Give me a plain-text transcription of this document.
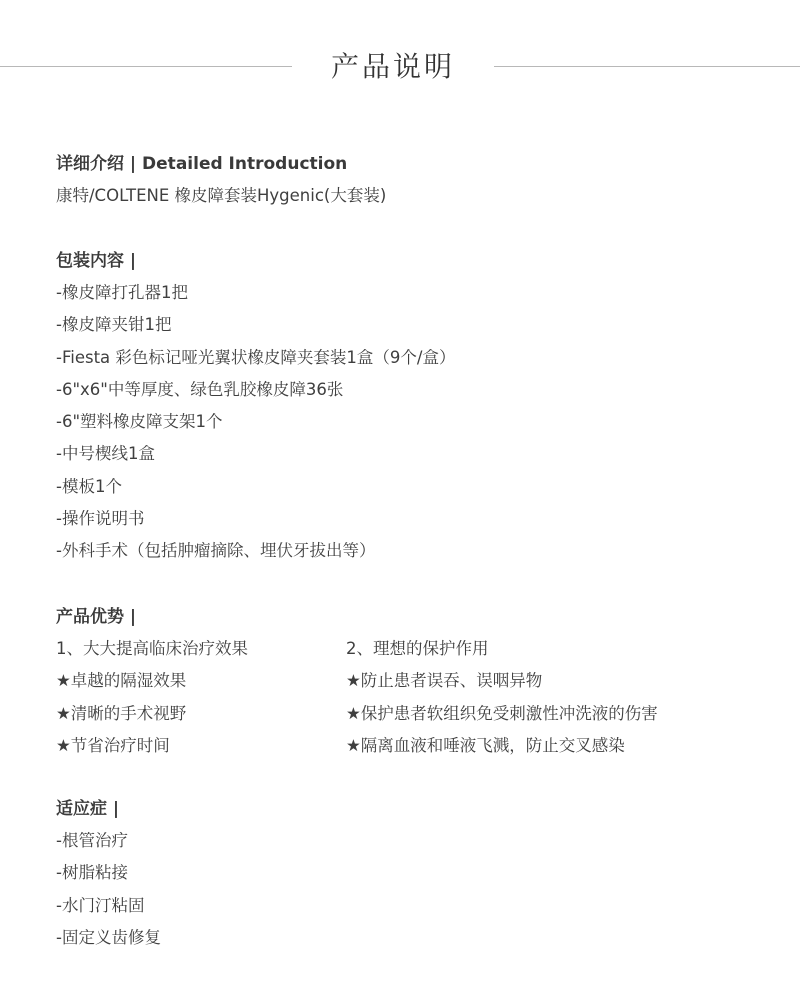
产品说明
详细介绍 | Detailed Introduction
康特/COLTENE 橡皮障套装Hygenic(大套装)
包装内容 |
-橡皮障打孔器1把
-橡皮障夹钳1把
-Fiesta 彩色标记哑光翼状橡皮障夹套装1盒（9个/盒）
-6"x6"中等厚度、绿色乳胶橡皮障36张
-6"塑料橡皮障支架1个
-中号楔线1盒
-模板1个
-操作说明书
-外科手术（包括肿瘤摘除、埋伏牙拔出等）
产品优势 |
1、大大提高临床治疗效果
★卓越的隔湿效果
★清晰的手术视野
★节省治疗时间
2、理想的保护作用
★防止患者误吞、误咽异物
★保护患者软组织免受刺激性冲洗液的伤害
★隔离血液和唾液飞溅，防止交叉感染
适应症 |
-根管治疗
-树脂粘接
-水门汀粘固
-固定义齿修复
